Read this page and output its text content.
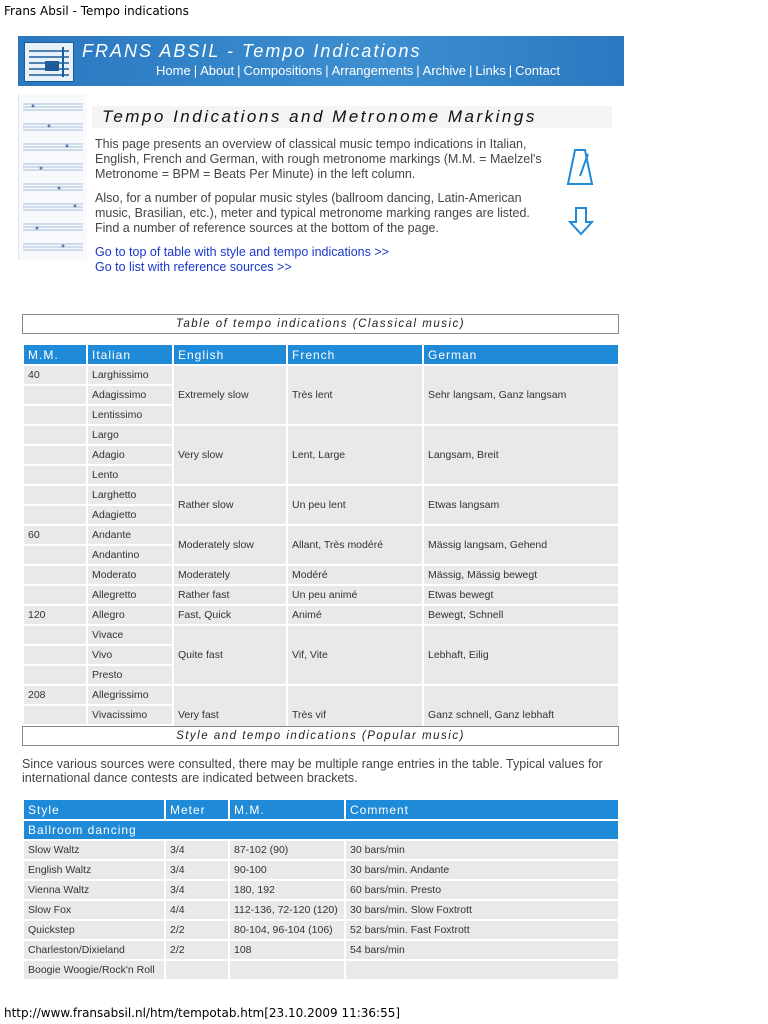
Frans Absil - Tempo indications
FRANS ABSIL - Tempo Indications
Home | About | Compositions | Arrangements | Archive | Links | Contact
Tempo Indications and Metronome Markings

This page presents an overview of classical music tempo indications in Italian, English, French and German, with rough metronome markings (M.M. = Maelzel's Metronome = BPM = Beats Per Minute) in the left column.

Also, for a number of popular music styles (ballroom dancing, Latin-American music, Brasilian, etc.), meter and typical metronome marking ranges are listed. Find a number of reference sources at the bottom of the page.

Go to top of table with style and tempo indications >>
Go to list with reference sources >>
Table of tempo indications (Classical music)
M.M.	Italian	English	French	German
40	Larghissimo	Extremely slow	Très lent	Sehr langsam, Ganz langsam
	Adagissimo			
	Lentissimo			
	Largo	Very slow	Lent, Large	Langsam, Breit
	Adagio			
	Lento			
	Larghetto	Rather slow	Un peu lent	Etwas langsam
	Adagietto			
60	Andante	Moderately slow	Allant, Très modéré	Mässig langsam, Gehend
	Andantino			
	Moderato	Moderately	Modéré	Mässig, Mässig bewegt
	Allegretto	Rather fast	Un peu animé	Etwas bewegt
120	Allegro	Fast, Quick	Animé	Bewegt, Schnell
	Vivace	Quite fast	Vif, Vite	Lebhaft, Eilig
	Vivo			
	Presto			
208	Allegrissimo	Very fast	Très vif	Ganz schnell, Ganz lebhaft
	Vivacissimo			

Style and tempo indications (Popular music)
Since various sources were consulted, there may be multiple range entries in the table. Typical values for international dance contests are indicated between brackets.
Style	Meter	M.M.	Comment
Ballroom dancing			
Slow Waltz	3/4	87-102 (90)	30 bars/min
English Waltz	3/4	90-100	30 bars/min. Andante
Vienna Waltz	3/4	180, 192	60 bars/min. Presto
Slow Fox	4/4	112-136, 72-120 (120)	30 bars/min. Slow Foxtrott
Quickstep	2/2	80-104, 96-104 (106)	52 bars/min. Fast Foxtrott
Charleston/Dixieland	2/2	108	54 bars/min
Boogie Woogie/Rock'n Roll			
http://www.fransabsil.nl/htm/tempotab.htm[23.10.2009 11:36:55]
